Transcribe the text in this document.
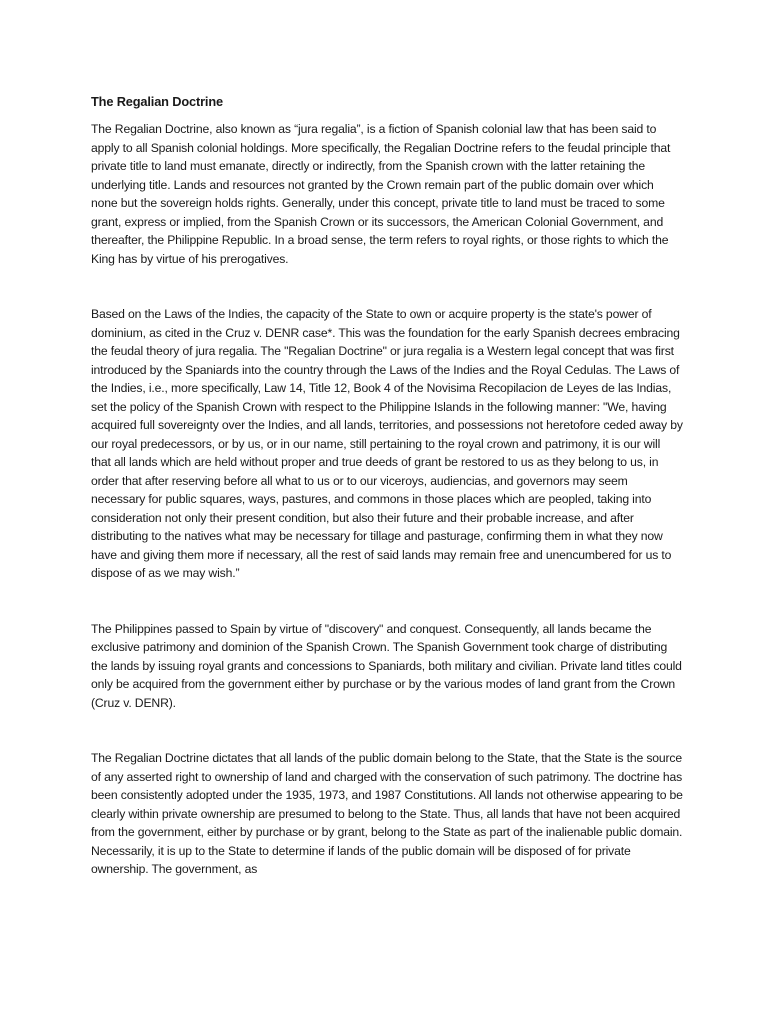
The Regalian Doctrine

The Regalian Doctrine, also known as “jura regalia”, is a fiction of Spanish colonial law that has been said to apply to all Spanish colonial holdings. More specifically, the Regalian Doctrine refers to the feudal principle that private title to land must emanate, directly or indirectly, from the Spanish crown with the latter retaining the underlying title. Lands and resources not granted by the Crown remain part of the public domain over which none but the sovereign holds rights. Generally, under this concept, private title to land must be traced to some grant, express or implied, from the Spanish Crown or its successors, the American Colonial Government, and thereafter, the Philippine Republic. In a broad sense, the term refers to royal rights, or those rights to which the King has by virtue of his prerogatives.

Based on the Laws of the Indies, the capacity of the State to own or acquire property is the state's power of dominium, as cited in the Cruz v. DENR case*. This was the foundation for the early Spanish decrees embracing the feudal theory of jura regalia. The "Regalian Doctrine" or jura regalia is a Western legal concept that was first introduced by the Spaniards into the country through the Laws of the Indies and the Royal Cedulas. The Laws of the Indies, i.e., more specifically, Law 14, Title 12, Book 4 of the Novisima Recopilacion de Leyes de las Indias, set the policy of the Spanish Crown with respect to the Philippine Islands in the following manner: "We, having acquired full sovereignty over the Indies, and all lands, territories, and possessions not heretofore ceded away by our royal predecessors, or by us, or in our name, still pertaining to the royal crown and patrimony, it is our will that all lands which are held without proper and true deeds of grant be restored to us as they belong to us, in order that after reserving before all what to us or to our viceroys, audiencias, and governors may seem necessary for public squares, ways, pastures, and commons in those places which are peopled, taking into consideration not only their present condition, but also their future and their probable increase, and after distributing to the natives what may be necessary for tillage and pasturage, confirming them in what they now have and giving them more if necessary, all the rest of said lands may remain free and unencumbered for us to dispose of as we may wish.”

The Philippines passed to Spain by virtue of "discovery" and conquest. Consequently, all lands became the exclusive patrimony and dominion of the Spanish Crown. The Spanish Government took charge of distributing the lands by issuing royal grants and concessions to Spaniards, both military and civilian. Private land titles could only be acquired from the government either by purchase or by the various modes of land grant from the Crown (Cruz v. DENR).

The Regalian Doctrine dictates that all lands of the public domain belong to the State, that the State is the source of any asserted right to ownership of land and charged with the conservation of such patrimony. The doctrine has been consistently adopted under the 1935, 1973, and 1987 Constitutions. All lands not otherwise appearing to be clearly within private ownership are presumed to belong to the State. Thus, all lands that have not been acquired from the government, either by purchase or by grant, belong to the State as part of the inalienable public domain. Necessarily, it is up to the State to determine if lands of the public domain will be disposed of for private ownership. The government, as
